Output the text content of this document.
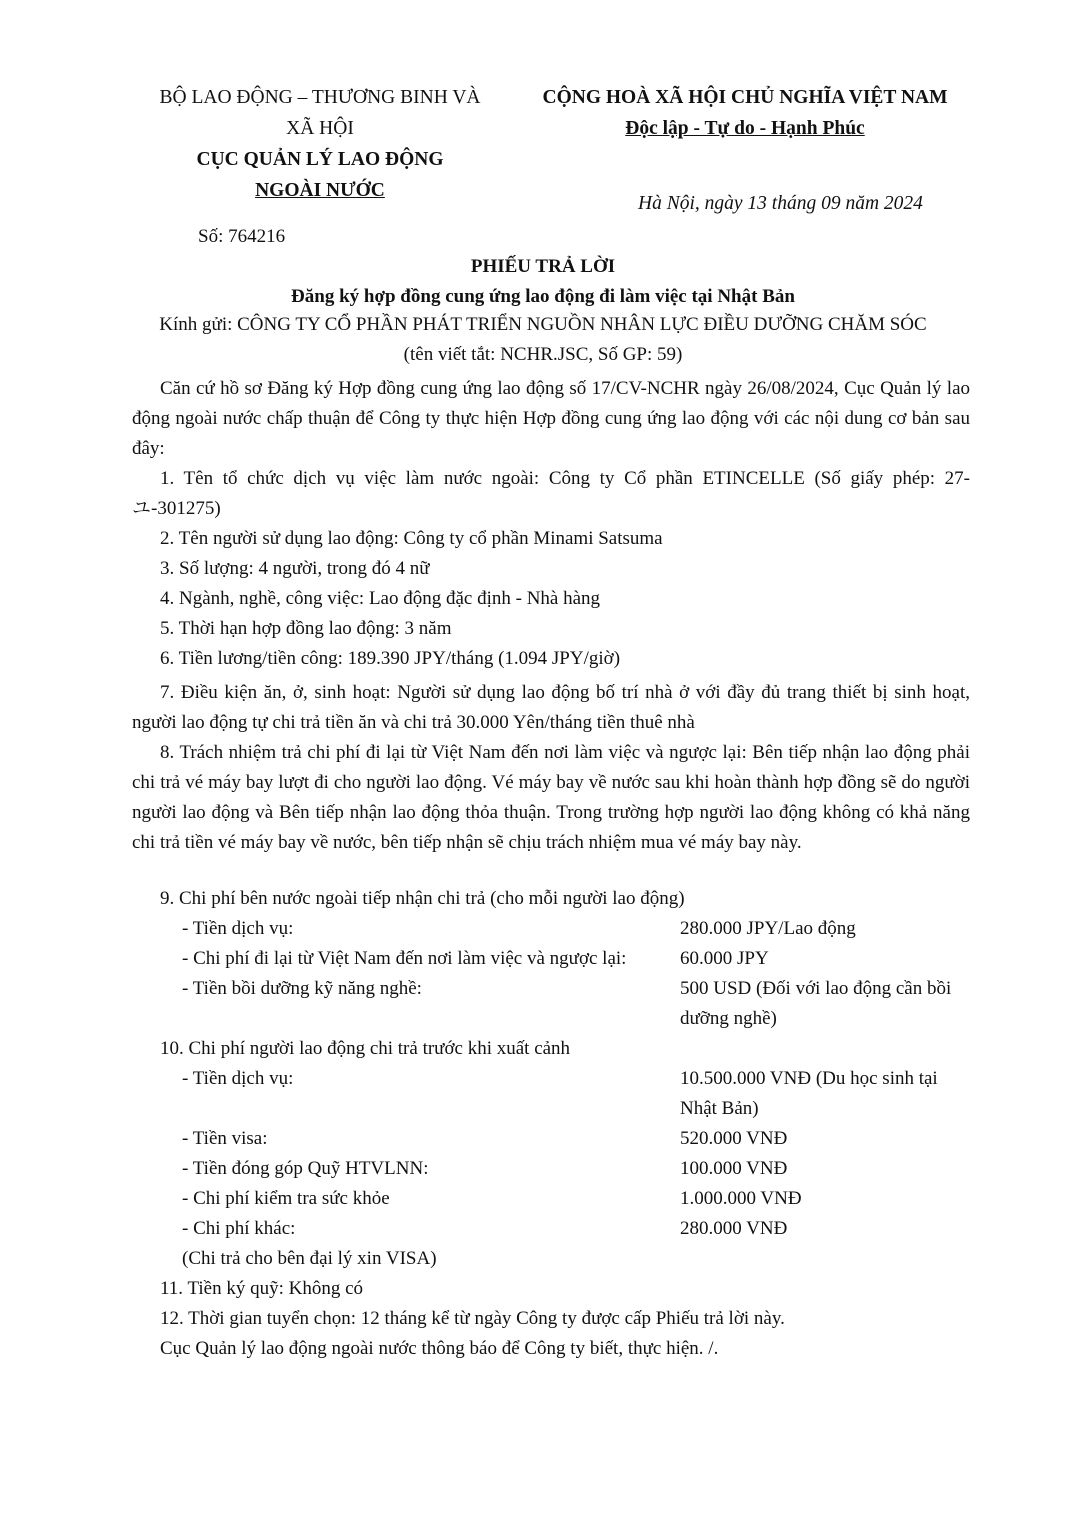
BỘ LAO ĐỘNG – THƯƠNG BINH VÀ
XÃ HỘI
CỤC QUẢN LÝ LAO ĐỘNG
NGOÀI NƯỚC
CỘNG HOÀ XÃ HỘI CHỦ NGHĨA VIỆT NAM
Độc lập - Tự do - Hạnh Phúc
Hà Nội, ngày 13 tháng 09 năm 2024
Số: 764216
PHIẾU TRẢ LỜI
Đăng ký hợp đồng cung ứng lao động đi làm việc tại Nhật Bản
Kính gửi: CÔNG TY CỔ PHẦN PHÁT TRIỂN NGUỒN NHÂN LỰC ĐIỀU DƯỠNG CHĂM SÓC
(tên viết tắt: NCHR.JSC, Số GP: 59)
Căn cứ hồ sơ Đăng ký Hợp đồng cung ứng lao động số 17/CV-NCHR ngày 26/08/2024, Cục Quản lý lao động ngoài nước chấp thuận để Công ty thực hiện Hợp đồng cung ứng lao động với các nội dung cơ bản sau đây:
1. Tên tổ chức dịch vụ việc làm nước ngoài: Công ty Cổ phần ETINCELLE (Số giấy phép: 27-ユ-301275)
2. Tên người sử dụng lao động: Công ty cổ phần Minami Satsuma
3. Số lượng: 4 người, trong đó 4 nữ
4. Ngành, nghề, công việc: Lao động đặc định - Nhà hàng
5. Thời hạn hợp đồng lao động: 3 năm
6. Tiền lương/tiền công: 189.390 JPY/tháng (1.094 JPY/giờ)
7. Điều kiện ăn, ở, sinh hoạt: Người sử dụng lao động bố trí nhà ở với đầy đủ trang thiết bị sinh hoạt, người lao động tự chi trả tiền ăn và chi trả 30.000 Yên/tháng tiền thuê nhà
8. Trách nhiệm trả chi phí đi lại từ Việt Nam đến nơi làm việc và ngược lại: Bên tiếp nhận lao động phải chi trả vé máy bay lượt đi cho người lao động. Vé máy bay về nước sau khi hoàn thành hợp đồng sẽ do người người lao động và Bên tiếp nhận lao động thỏa thuận. Trong trường hợp người lao động không có khả năng chi trả tiền vé máy bay về nước, bên tiếp nhận sẽ chịu trách nhiệm mua vé máy bay này.
9. Chi phí bên nước ngoài tiếp nhận chi trả (cho mỗi người lao động)
- Tiền dịch vụ:	280.000 JPY/Lao động
- Chi phí đi lại từ Việt Nam đến nơi làm việc và ngược lại:	60.000 JPY
- Tiền bồi dưỡng kỹ năng nghề:	500 USD (Đối với lao động cần bồi dưỡng nghề)
10. Chi phí người lao động chi trả trước khi xuất cảnh
- Tiền dịch vụ:	10.500.000 VNĐ (Du học sinh tại Nhật Bản)
- Tiền visa:	520.000 VNĐ
- Tiền đóng góp Quỹ HTVLNN:	100.000 VNĐ
- Chi phí kiểm tra sức khỏe	1.000.000 VNĐ
- Chi phí khác:	280.000 VNĐ
(Chi trả cho bên đại lý xin VISA)
11. Tiền ký quỹ: Không có
12. Thời gian tuyển chọn: 12 tháng kể từ ngày Công ty được cấp Phiếu trả lời này.
Cục Quản lý lao động ngoài nước thông báo để Công ty biết, thực hiện. /.
